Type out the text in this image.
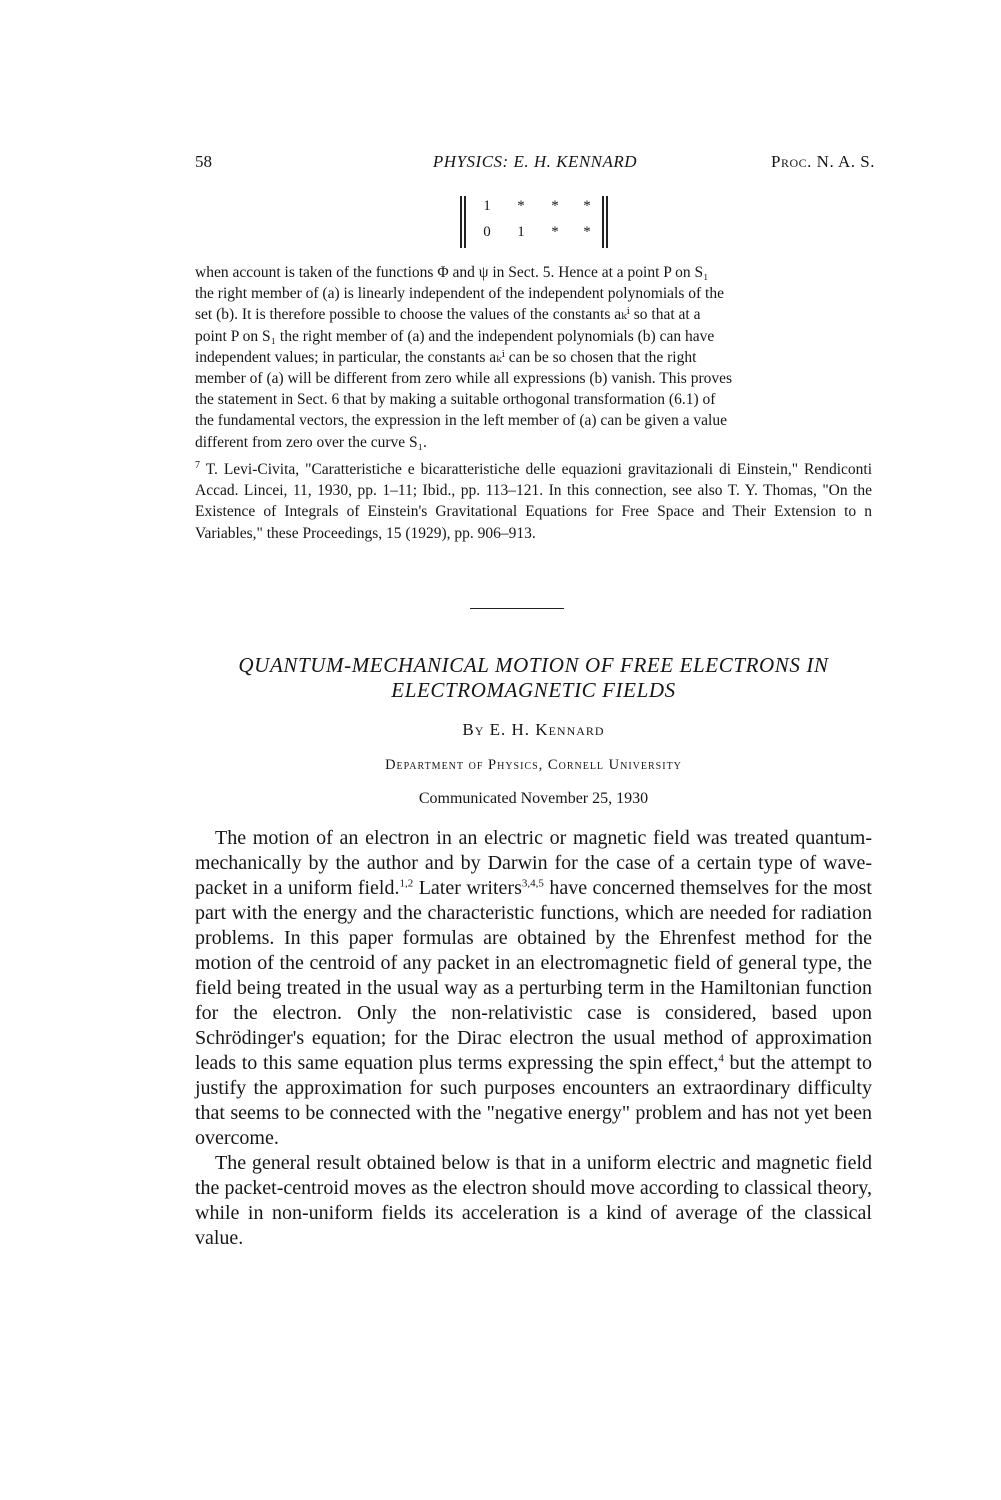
58	PHYSICS: E. H. KENNARD	Proc. N. A. S.
1	*	*	*
0	1	*	*

when account is taken of the functions Φ and ψ in Sect. 5. Hence at a point P on S₁

the right member of (a) is linearly independent of the independent polynomials of the

set (b). It is therefore possible to choose the values of the constants aₖⁱ so that at a

point P on S₁ the right member of (a) and the independent polynomials (b) can have

independent values; in particular, the constants aₖⁱ can be so chosen that the right

member of (a) will be different from zero while all expressions (b) vanish. This proves

the statement in Sect. 6 that by making a suitable orthogonal transformation (6.1) of

the fundamental vectors, the expression in the left member of (a) can be given a value

different from zero over the curve S₁.

$^7$ T. Levi-Civita, "Caratteristiche e bicaratteristiche delle equazioni gravitazionali di Einstein," Rendiconti Accad. Lincei, 11, 1930, pp. 1–11; Ibid., pp. 113–121. In this connection, see also T. Y. Thomas, "On the Existence of Integrals of Einstein's Gravitational Equations for Free Space and Their Extension to n Variables," these Proceedings, 15 (1929), pp. 906–913.

QUANTUM-MECHANICAL MOTION OF FREE ELECTRONS IN
ELECTROMAGNETIC FIELDS
By E. H. Kennard
Department of Physics, Cornell University
Communicated November 25, 1930

The motion of an electron in an electric or magnetic field was treated quantum-mechanically by the author and by Darwin for the case of a certain type of wave-packet in a uniform field.$^{1,2}$ Later writers$^{3,4,5}$ have concerned themselves for the most part with the energy and the characteristic functions, which are needed for radiation problems. In this paper formulas are obtained by the Ehrenfest method for the motion of the centroid of any packet in an electromagnetic field of general type, the field being treated in the usual way as a perturbing term in the Hamiltonian function for the electron. Only the non-relativistic case is considered, based upon Schrödinger's equation; for the Dirac electron the usual method of approximation leads to this same equation plus terms expressing the spin effect,$^4$ but the attempt to justify the approximation for such purposes encounters an extraordinary difficulty that seems to be connected with the "negative energy" problem and has not yet been overcome.

The general result obtained below is that in a uniform electric and magnetic field the packet-centroid moves as the electron should move according to classical theory, while in non-uniform fields its acceleration is a kind of average of the classical value.
